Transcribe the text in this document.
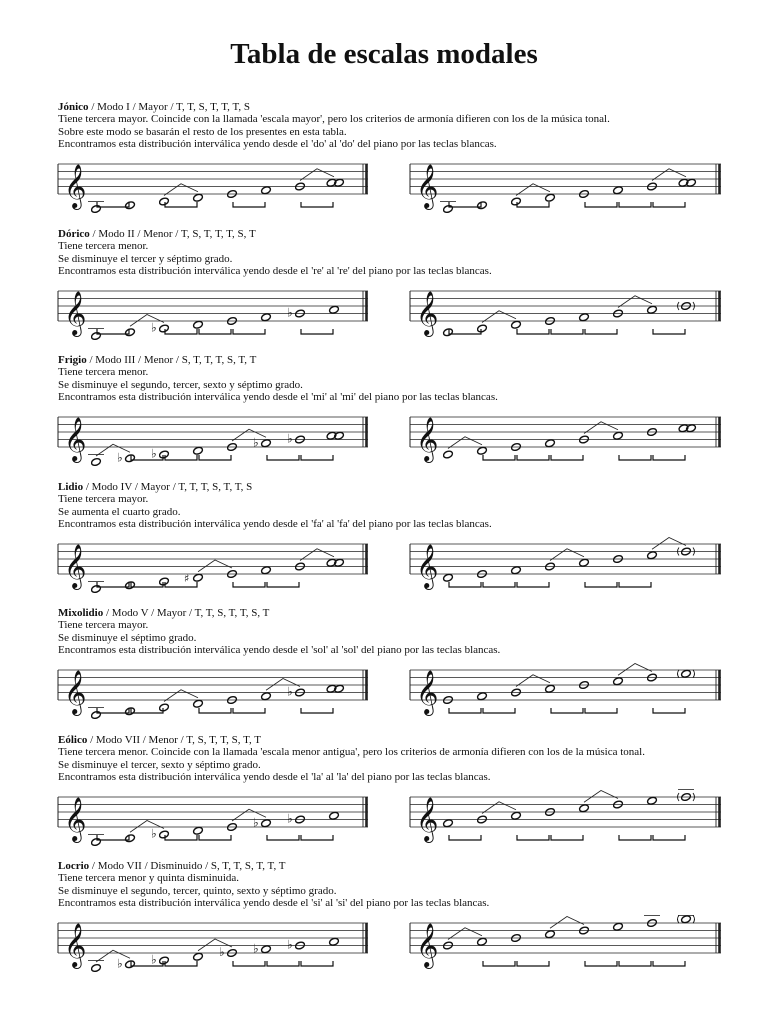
Tabla de escalas modales
Jónico / Modo I / Mayor / T, T, S, T, T, T, S
Tiene tercera mayor. Coincide con la llamada 'escala mayor', pero los criterios de armonía difieren con los de la música tonal.
Sobre este modo se basarán el resto de los presentes en esta tabla.
Encontramos esta distribución interválica yendo desde el 'do' al 'do' del piano por las teclas blancas.
𝄞	𝄞
Dórico / Modo II / Menor / T, S, T, T, T, S, T
Tiene tercera menor.
Se disminuye el tercer y séptimo grado.
Encontramos esta distribución interválica yendo desde el 're' al 're' del piano por las teclas blancas.
𝄞	♭
♭	𝄞
Frigio / Modo III / Menor / S, T, T, T, S, T, T
Tiene tercera menor.
Se disminuye el segundo, tercer, sexto y séptimo grado.
Encontramos esta distribución interválica yendo desde el 'mi' al 'mi' del piano por las teclas blancas.
𝄞	♭ ♭
♭ ♭	𝄞
Lidio / Modo IV / Mayor / T, T, T, S, T, T, S
Tiene tercera mayor.
Se aumenta el cuarto grado.
Encontramos esta distribución interválica yendo desde el 'fa' al 'fa' del piano por las teclas blancas.
𝄞	♯	𝄞
Mixolidio / Modo V / Mayor / T, T, S, T, T, S, T
Tiene tercera mayor.
Se disminuye el séptimo grado.
Encontramos esta distribución interválica yendo desde el 'sol' al 'sol' del piano por las teclas blancas.
𝄞	♭	𝄞
Eólico / Modo VII / Menor / T, S, T, T, S, T, T
Tiene tercera menor. Coincide con la llamada 'escala menor antigua', pero los criterios de armonía difieren con los de la música tonal.
Se disminuye el tercer, sexto y séptimo grado.
Encontramos esta distribución interválica yendo desde el 'la' al 'la' del piano por las teclas blancas.
𝄞	♭
♭ ♭	𝄞
Locrio / Modo VII / Disminuido / S, T, T, S, T, T, T
Tiene tercera menor y quinta disminuida.
Se disminuye el segundo, tercer, quinto, sexto y séptimo grado.
Encontramos esta distribución interválica yendo desde el 'si' al 'si' del piano por las teclas blancas.
𝄞	♭ ♭
♭ ♭ ♭	𝄞
